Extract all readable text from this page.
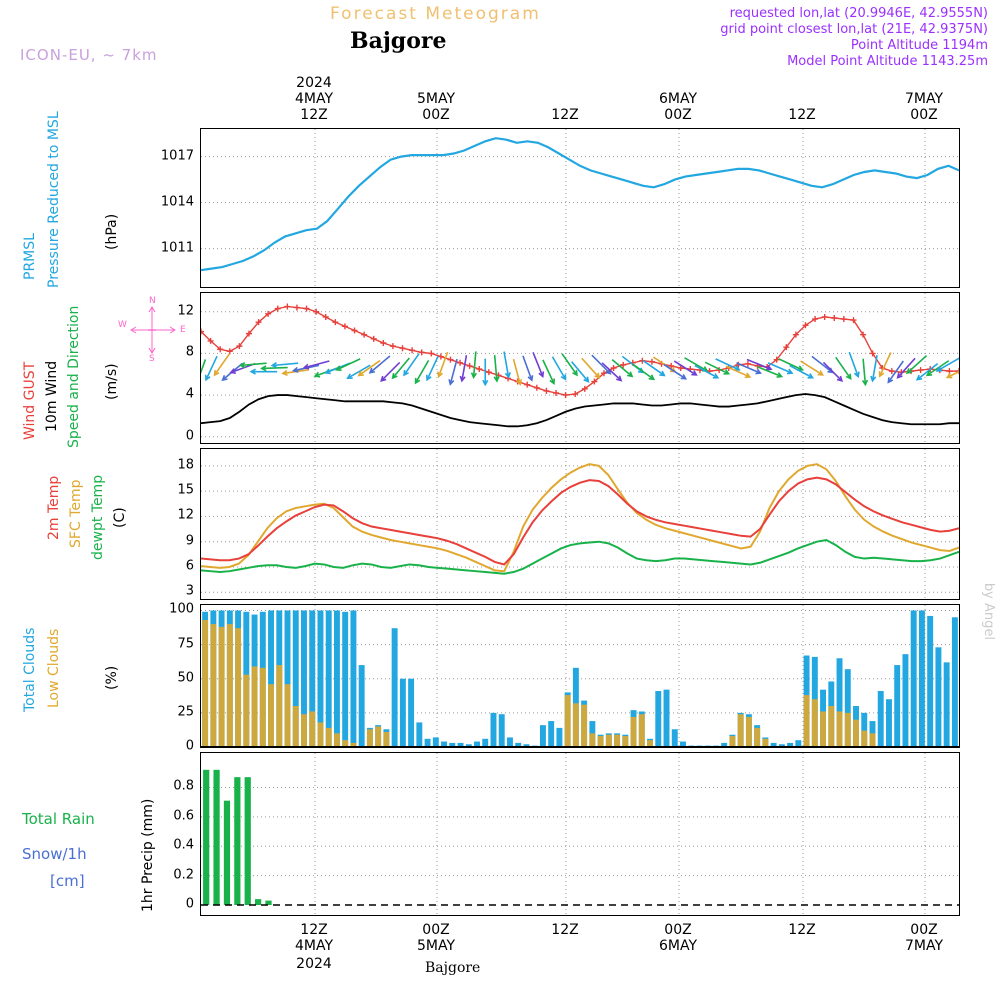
Forecast Meteogram
Bajgore
ICON-EU, ~ 7km
requested lon,lat (20.9946E, 42.9555N)
grid point closest lon,lat (21E, 42.9375N)
Point Altitude 1194m
Model Point Altitude 1143.25m
by Angel
2024
4MAY
12Z
5MAY
00Z	12Z
6MAY
00Z	12Z
7MAY
00Z
PRMSL Pressure Reduced to MSL	(hPa)
Wind GUST 10m Wind Speed and Direction (m/s)
N
S
E
W
2m Temp SFC Temp dewpt Temp (C)
Total Clouds Low Clouds	(%)
Total Rain
Snow/1h
[cm]	1hr Precip (mm)
12Z
4MAY
2024
00Z
5MAY
12Z	00Z
6MAY
12Z	00Z
7MAY
Bajgore
1011
1014
1017
0
4
8
12
3
6
9
12
15
18
0
25
50
75
100
0
0.2
0.4
0.6
0.8
